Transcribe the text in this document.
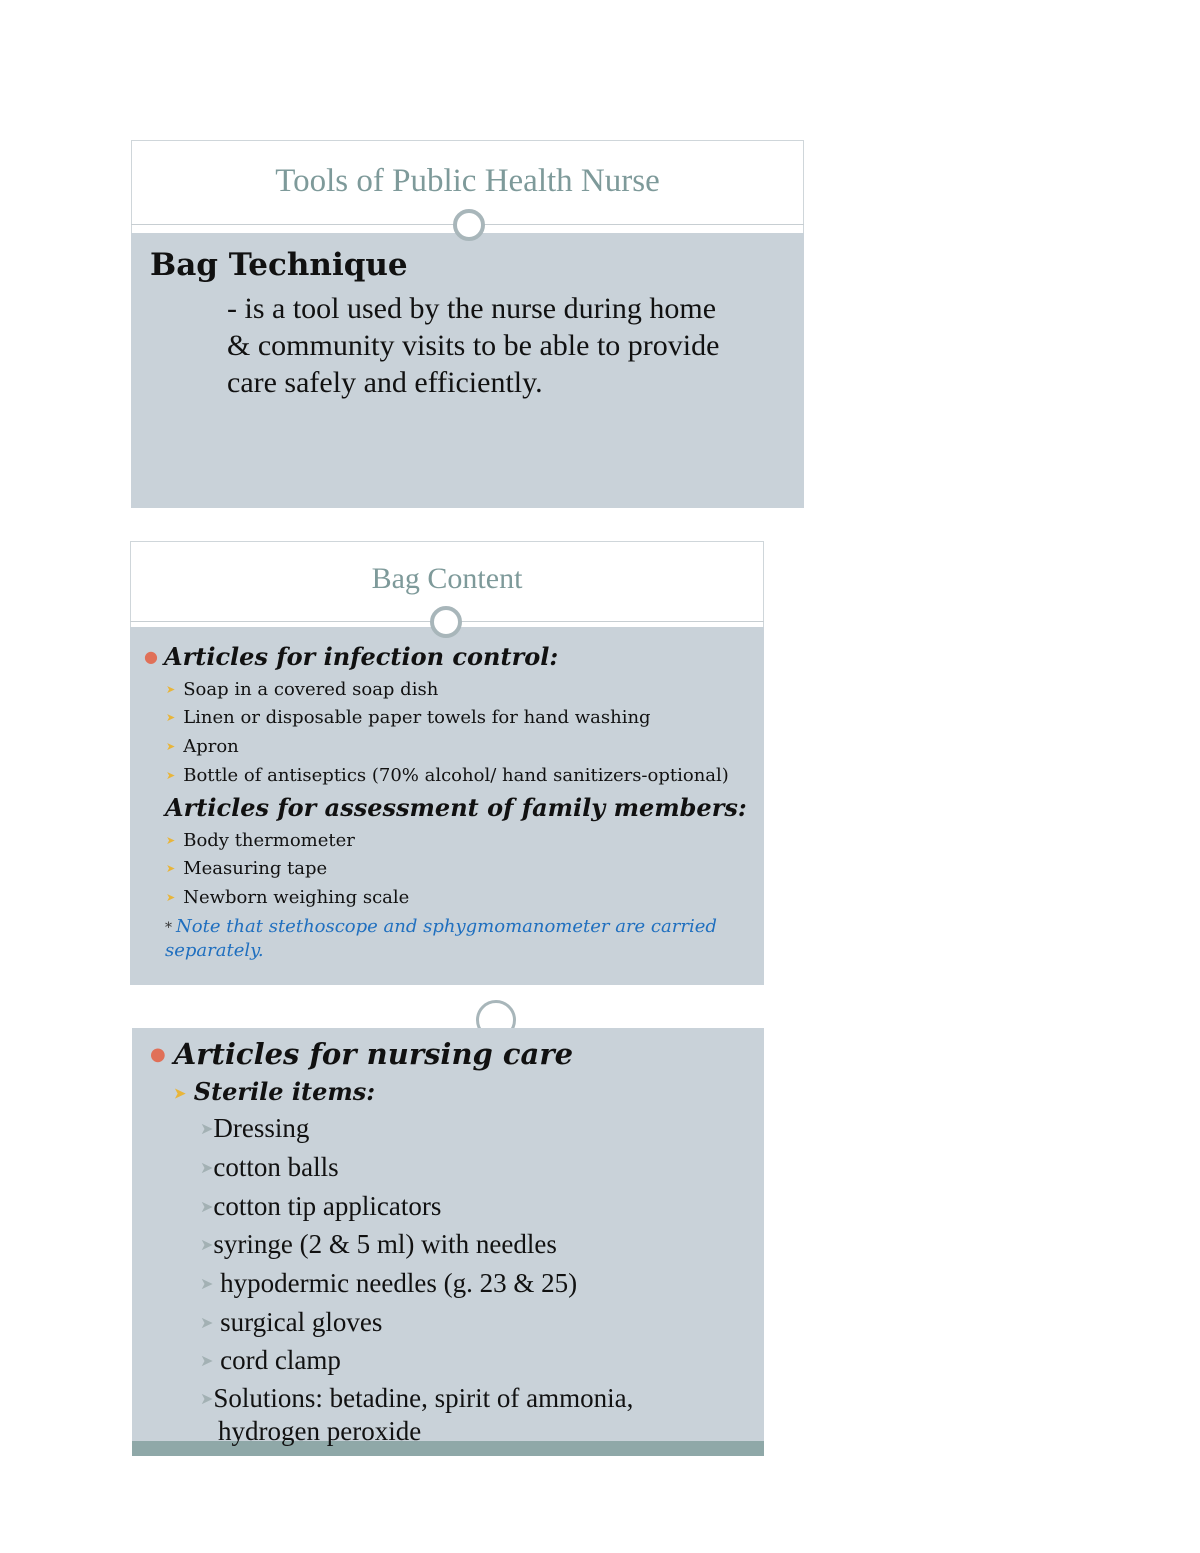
Tools of Public Health Nurse
Bag Technique
- is a tool used by the nurse during home
& community visits to be able to provide
care safely and efficiently.
Bag Content
● Articles for infection control:
➤ Soap in a covered soap dish
➤ Linen or disposable paper towels for hand washing
➤ Apron
➤ Bottle of antiseptics (70% alcohol/ hand sanitizers-optional)
Articles for assessment of family members:
➤ Body thermometer
➤ Measuring tape
➤ Newborn weighing scale
* Note that stethoscope and sphygmomanometer are carried
separately.
● Articles for nursing care
➤ Sterile items:
➤Dressing
➤cotton balls
➤cotton tip applicators
➤syringe (2 & 5 ml) with needles
➤ hypodermic needles (g. 23 & 25)
➤ surgical gloves
➤ cord clamp
➤Solutions: betadine, spirit of ammonia,
hydrogen peroxide
